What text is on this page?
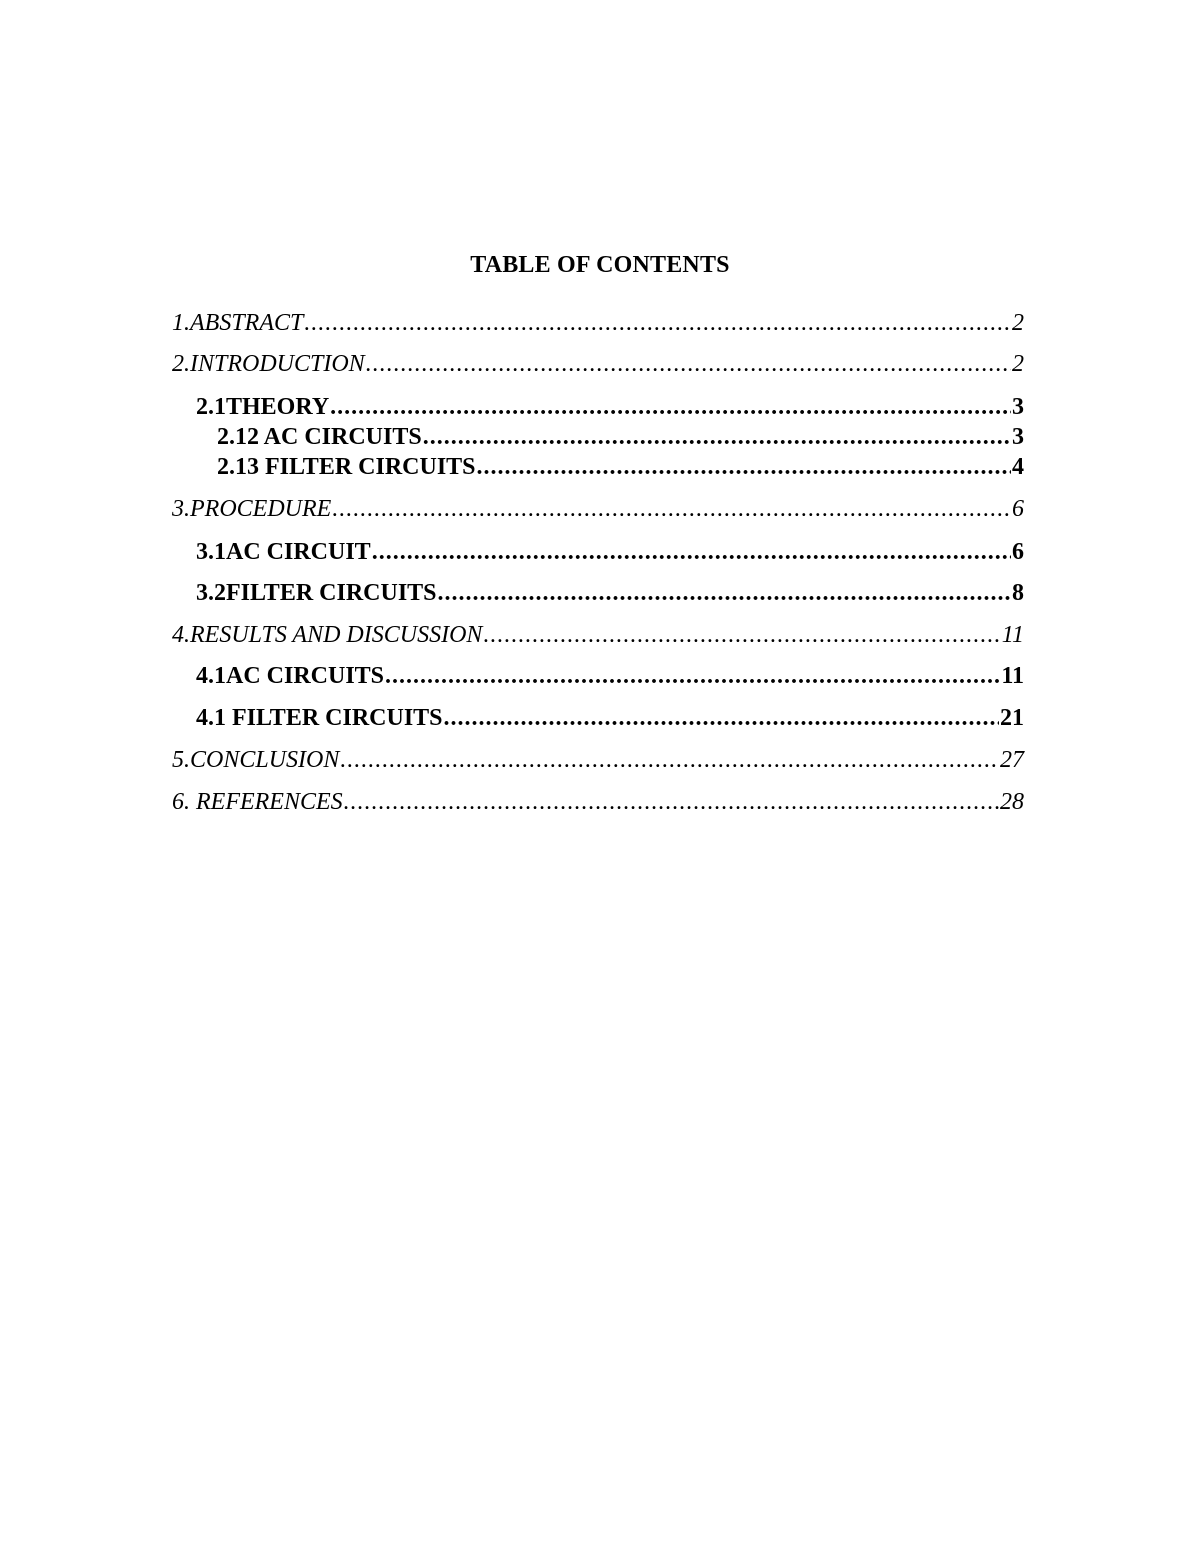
TABLE OF CONTENTS
1. ABSTRACT .....	2
2. INTRODUCTION .....	2
2.1 THEORY .....	3
2.12 AC CIRCUITS .....	3
2.13 FILTER CIRCUITS .....	4
3. PROCEDURE .....	6
3.1 AC CIRCUIT .....	6
3.2 FILTER CIRCUITS .....	8
4. RESULTS AND DISCUSSION .....	11
4.1 AC CIRCUITS .....	11
4.1 FILTER CIRCUITS .....	21
5. CONCLUSION .....	27
6. REFERENCES .....	28
